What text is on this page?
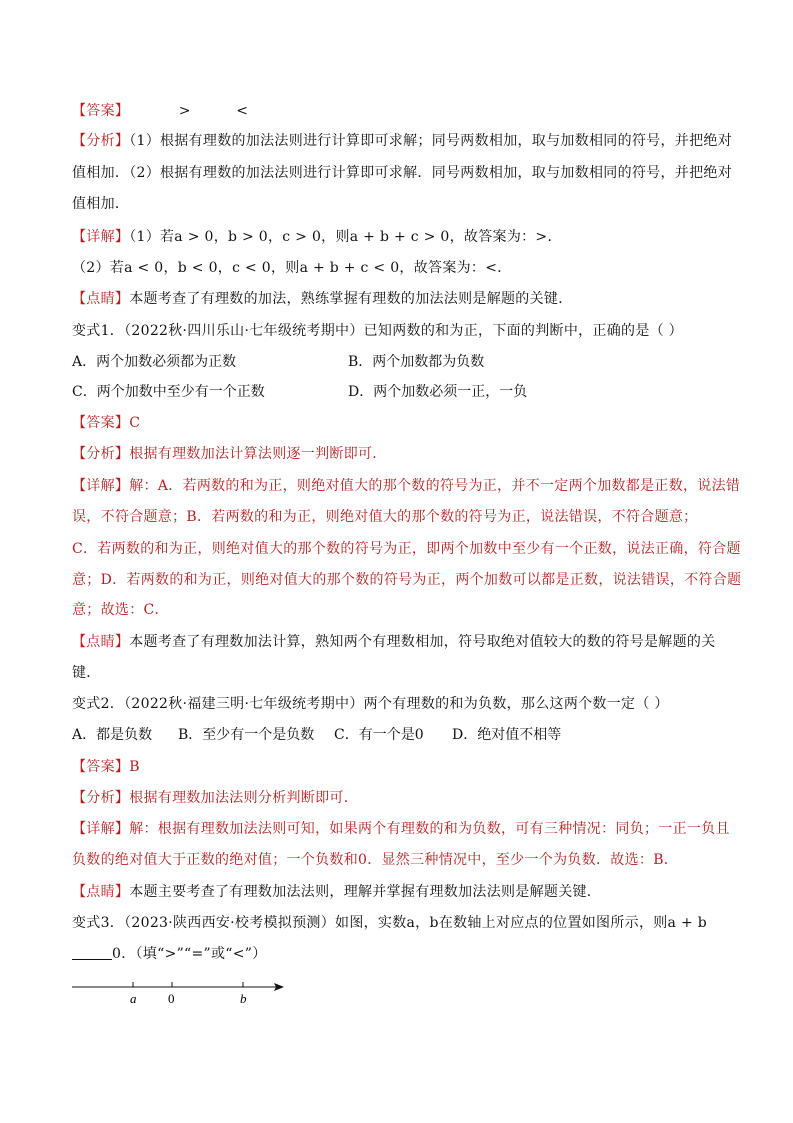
【答案】	>	<
【分析】（1）根据有理数的加法法则进行计算即可求解；同号两数相加，取与加数相同的符号，并把绝对
值相加．（2）根据有理数的加法法则进行计算即可求解．同号两数相加，取与加数相同的符号，并把绝对
值相加．
【详解】（1）若a > 0，b > 0，c > 0，则a + b + c > 0，故答案为：>．
（2）若a < 0，b < 0，c < 0，则a + b + c < 0，故答案为：<．
【点睛】本题考查了有理数的加法，熟练掌握有理数的加法法则是解题的关键．
变式1．（2022秋·四川乐山·七年级统考期中）已知两数的和为正，下面的判断中，正确的是（ ）
A．两个加数必须都为正数	B．两个加数都为负数
C．两个加数中至少有一个正数	D．两个加数必须一正，一负
【答案】C
【分析】根据有理数加法计算法则逐一判断即可．
【详解】解：A．若两数的和为正，则绝对值大的那个数的符号为正，并不一定两个加数都是正数，说法错
误，不符合题意；B．若两数的和为正，则绝对值大的那个数的符号为正，说法错误，不符合题意；
C．若两数的和为正，则绝对值大的那个数的符号为正，即两个加数中至少有一个正数，说法正确，符合题
意；D．若两数的和为正，则绝对值大的那个数的符号为正，两个加数可以都是正数，说法错误，不符合题
意；故选：C．
【点睛】本题考查了有理数加法计算，熟知两个有理数相加，符号取绝对值较大的数的符号是解题的关
键．
变式2．（2022秋·福建三明·七年级统考期中）两个有理数的和为负数，那么这两个数一定（ ）
A．都是负数 B．至少有一个是负数 C．有一个是0 D．绝对值不相等
【答案】B
【分析】根据有理数加法法则分析判断即可．
【详解】解：根据有理数加法法则可知，如果两个有理数的和为负数，可有三种情况：同负；一正一负且
负数的绝对值大于正数的绝对值；一个负数和0．显然三种情况中，至少一个为负数．故选：B．
【点睛】本题主要考查了有理数加法法则，理解并掌握有理数加法法则是解题关键．
变式3．（2023·陕西西安·校考模拟预测）如图，实数a，b在数轴上对应点的位置如图所示，则a + b
0．（填“>”“=”或“<”）
a 0	b
